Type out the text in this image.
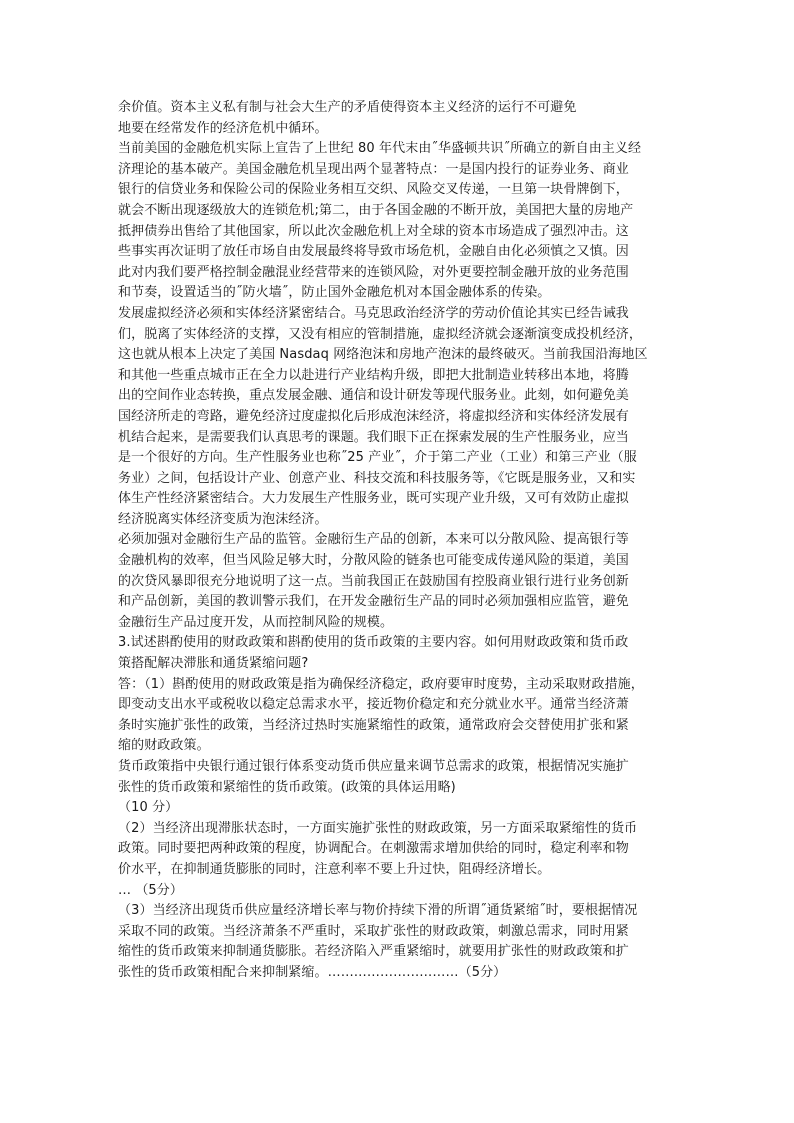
余价值。资本主义私有制与社会大生产的矛盾使得资本主义经济的运行不可避免
地要在经常发作的经济危机中循环。
当前美国的金融危机实际上宣告了上世纪 80 年代末由˝华盛顿共识˝所确立的新自由主义经
济理论的基本破产。美国金融危机呈现出两个显著特点：一是国内投行的证券业务、商业
银行的信贷业务和保险公司的保险业务相互交织、风险交叉传递，一旦第一块骨牌倒下，
就会不断出现逐级放大的连锁危机;第二，由于各国金融的不断开放，美国把大量的房地产
抵押债券出售给了其他国家，所以此次金融危机上对全球的资本市场造成了强烈冲击。这
些事实再次证明了放任市场自由发展最终将导致市场危机，金融自由化必须慎之又慎。因
此对内我们要严格控制金融混业经营带来的连锁风险，对外更要控制金融开放的业务范围
和节奏，设置适当的˝防火墙˝，防止国外金融危机对本国金融体系的传染。
发展虚拟经济必须和实体经济紧密结合。马克思政治经济学的劳动价值论其实已经告诫我
们，脱离了实体经济的支撑，又没有相应的管制措施，虚拟经济就会逐渐演变成投机经济，
这也就从根本上决定了美国 Nasdaq 网络泡沫和房地产泡沫的最终破灭。当前我国沿海地区
和其他一些重点城市正在全力以赴进行产业结构升级，即把大批制造业转移出本地，将腾
出的空间作业态转换，重点发展金融、通信和设计研发等现代服务业。此刻，如何避免美
国经济所走的弯路，避免经济过度虚拟化后形成泡沫经济，将虚拟经济和实体经济发展有
机结合起来，是需要我们认真思考的课题。我们眼下正在探索发展的生产性服务业，应当
是一个很好的方向。生产性服务业也称˝25 产业˝，介于第二产业（工业）和第三产业（服
务业）之间，包括设计产业、创意产业、科技交流和科技服务等，《它既是服务业，又和实
体生产性经济紧密结合。大力发展生产性服务业，既可实现产业升级，又可有效防止虚拟
经济脱离实体经济变质为泡沫经济。
必须加强对金融衍生产品的监管。金融衍生产品的创新，本来可以分散风险、提高银行等
金融机构的效率，但当风险足够大时，分散风险的链条也可能变成传递风险的渠道，美国
的次贷风暴即很充分地说明了这一点。当前我国正在鼓励国有控股商业银行进行业务创新
和产品创新，美国的教训警示我们，在开发金融衍生产品的同时必须加强相应监管，避免
金融衍生产品过度开发，从而控制风险的规模。
3.试述斟酌使用的财政政策和斟酌使用的货币政策的主要内容。如何用财政政策和货币政
策搭配解决滞胀和通货紧缩问题?
答：（1）斟酌使用的财政政策是指为确保经济稳定，政府要审时度势，主动采取财政措施，
即变动支出水平或税收以稳定总需求水平，接近物价稳定和充分就业水平。通常当经济萧
条时实施扩张性的政策，当经济过热时实施紧缩性的政策，通常政府会交替使用扩张和紧
缩的财政政策。
货币政策指中央银行通过银行体系变动货币供应量来调节总需求的政策，根据情况实施扩
张性的货币政策和紧缩性的货币政策。(政策的具体运用略)
（10 分）
（2）当经济出现滞胀状态时，一方面实施扩张性的财政政策，另一方面采取紧缩性的货币
政策。同时要把两种政策的程度，协调配合。在刺激需求增加供给的同时，稳定利率和物
价水平，在抑制通货膨胀的同时，注意利率不要上升过快，阻碍经济增长。
… （5分）
（3）当经济出现货币供应量经济增长率与物价持续下滑的所谓˝通货紧缩˝时，要根据情况
采取不同的政策。当经济萧条不严重时，采取扩张性的财政政策，刺激总需求，同时用紧
缩性的货币政策来抑制通货膨胀。若经济陷入严重紧缩时，就要用扩张性的财政政策和扩
张性的货币政策相配合来抑制紧缩。…………………………（5分）
